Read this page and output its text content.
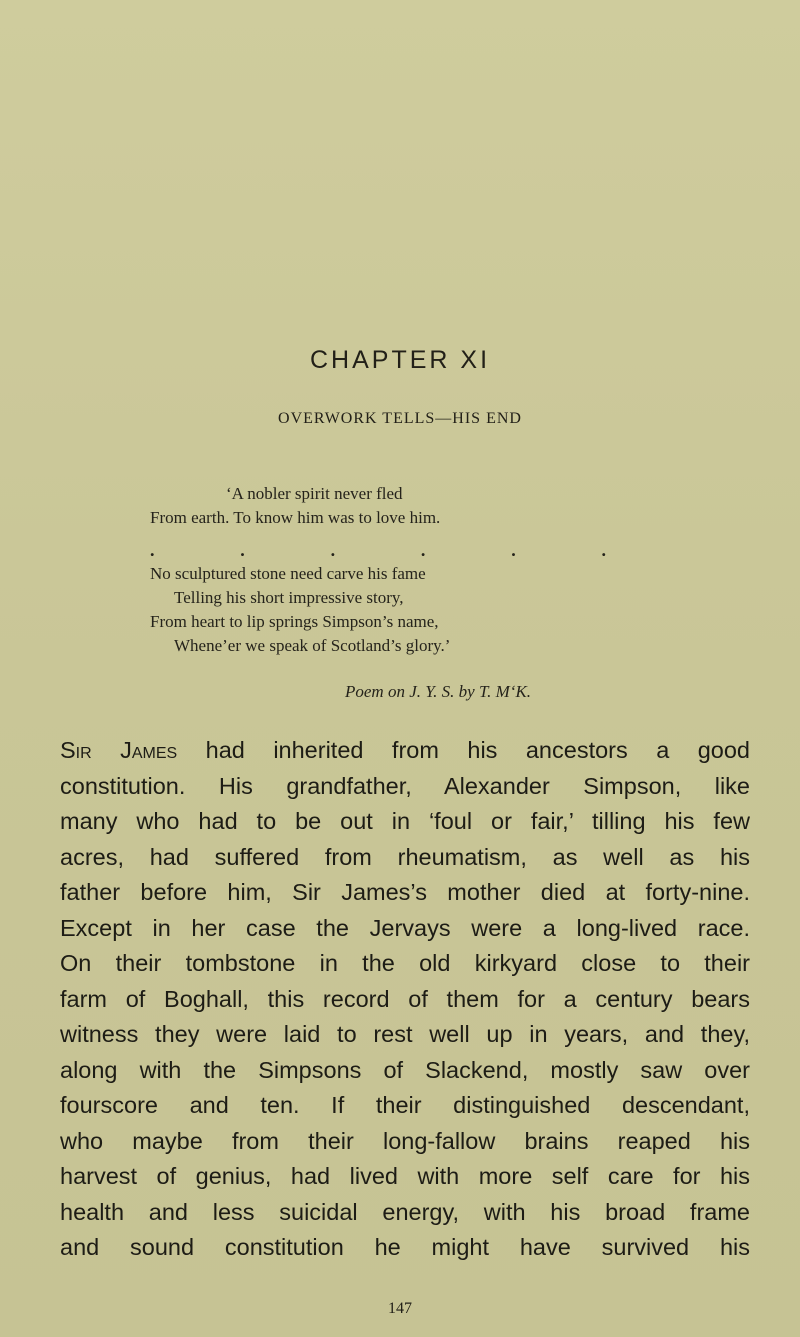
CHAPTER XI
OVERWORK TELLS—HIS END
‘A nobler spirit never fled
From earth. To know him was to love him.
.	.	.	.	.	.
No sculptured stone need carve his fame
Telling his short impressive story,
From heart to lip springs Simpson’s name,
Whene’er we speak of Scotland’s glory.’
Poem on J. Y. S. by T. M‘K.
Sir James had inherited from his ancestors a good
constitution. His grandfather, Alexander Simpson, like
many who had to be out in ‘foul or fair,’ tilling his few
acres, had suffered from rheumatism, as well as his
father before him, Sir James’s mother died at forty-nine.
Except in her case the Jervays were a long-lived race.
On their tombstone in the old kirkyard close to their
farm of Boghall, this record of them for a century bears
witness they were laid to rest well up in years, and they,
along with the Simpsons of Slackend, mostly saw over
fourscore and ten. If their distinguished descendant,
who maybe from their long-fallow brains reaped his
harvest of genius, had lived with more self care for his
health and less suicidal energy, with his broad frame
and sound constitution he might have survived his
147
